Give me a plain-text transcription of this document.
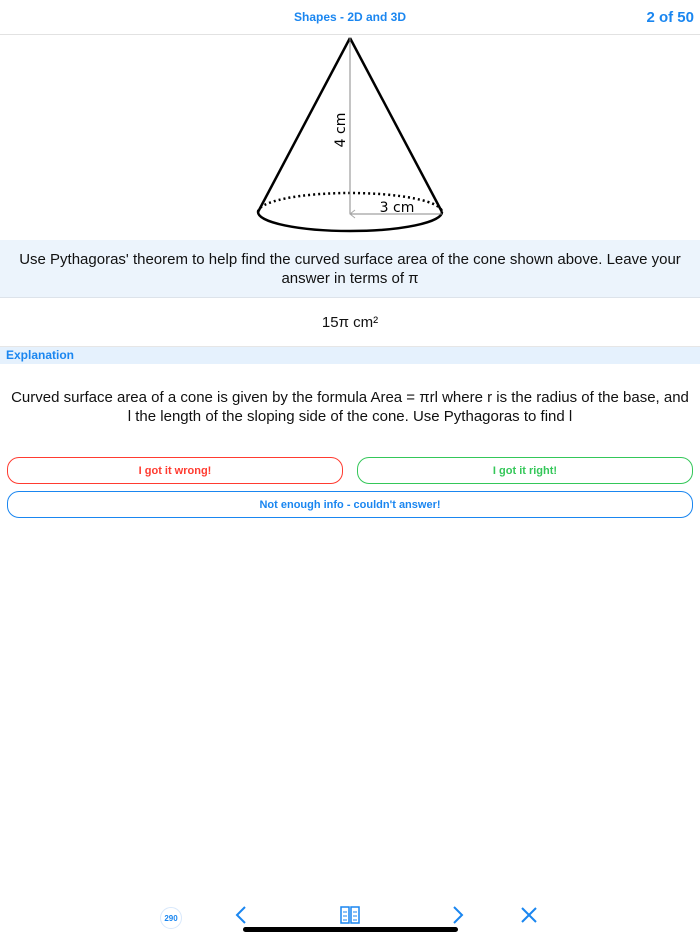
Shapes - 2D and 3D	2 of 50
4 cm
3 cm
Use Pythagoras' theorem to help find the curved surface area of the cone shown above. Leave your answer in terms of π
15π cm²
Explanation
Curved surface area of a cone is given by the formula Area = πrl where r is the radius of the base, and l the length of the sloping side of the cone. Use Pythagoras to find l
I got it wrong!	I got it right!
Not enough info - couldn't answer!
290
